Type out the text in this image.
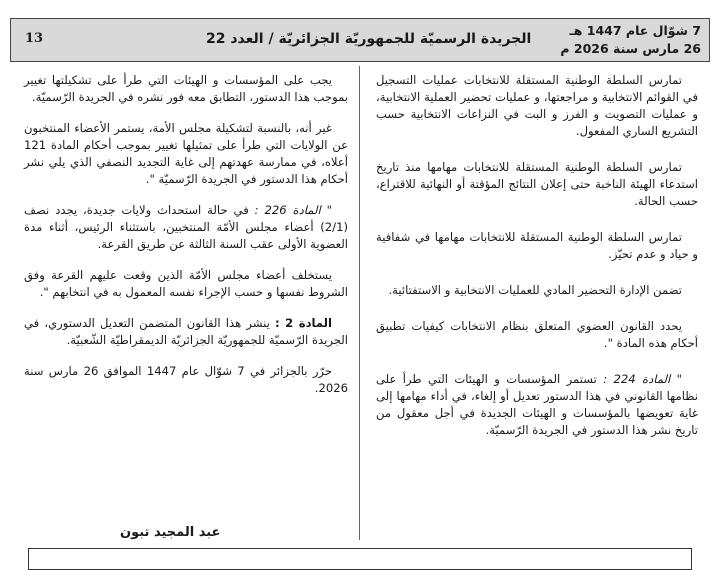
13	الجريدة الرسميّة للجمهوريّة الجزائريّة / العدد 22
7 شوّال عام 1447 هـ
26 مارس سنة 2026 م

تمارس السلطة الوطنية المستقلة للانتخابات عمليات التسجيل في القوائم الانتخابية و مراجعتها، و عمليات تحضير العملية الانتخابية، و عمليات التصويت و الفرز و البت في النزاعات الانتخابية حسب التشريع الساري المفعول.

تمارس السلطة الوطنية المستقلة للانتخابات مهامها منذ تاريخ استدعاء الهيئة الناخبة حتى إعلان النتائج المؤقتة أو النهائية للاقتراع، حسب الحالة.

تمارس السلطة الوطنية المستقلة للانتخابات مهامها في شفافية و حياد و عدم تحيّز.

تضمن الإدارة التحضير المادي للعمليات الانتخابية و الاستفتائية.

يحدد القانون العضوي المتعلق بنظام الانتخابات كيفيات تطبيق أحكام هذه المادة ".

" المادة 224 : تستمر المؤسسات و الهيئات التي طرأ على نظامها القانوني في هذا الدستور تعديل أو إلغاء، في أداء مهامها إلى غاية تعويضها بالمؤسسات و الهيئات الجديدة في أجل معقول من تاريخ نشر هذا الدستور في الجريدة الرّسميّة.

يجب على المؤسسات و الهيئات التي طرأ على تشكيلتها تغيير بموجب هذا الدستور، التطابق معه فور نشره في الجريدة الرّسميّة.

غير أنه، بالنسبة لتشكيلة مجلس الأمة، يستمر الأعضاء المنتخبون عن الولايات التي طرأ على تمثيلها تغيير بموجب أحكام المادة 121 أعلاه، في ممارسة عهدتهم إلى غاية التجديد النصفي الذي يلي نشر أحكام هذا الدستور في الجريدة الرّسميّة ".

" المادة 226 : في حالة استحداث ولايات جديدة، يجدد نصف (2/1) أعضاء مجلس الأمّة المنتخبين، باستثناء الرئيس، أثناء مدة العضوية الأولى عقب السنة الثالثة عن طريق القرعة.

يستخلف أعضاء مجلس الأمّة الذين وقعت عليهم القرعة وفق الشروط نفسها و حسب الإجراء نفسه المعمول به في انتخابهم ".

المادة 2 : ينشر هذا القانون المتضمن التعديل الدستوري، في الجريدة الرّسميّة للجمهوريّة الجزائريّة الديمقراطيّة الشّعبيّة.

حرّر بالجزائر في 7 شوّال عام 1447 الموافق 26 مارس سنة 2026.

عبد المجيد تبون
